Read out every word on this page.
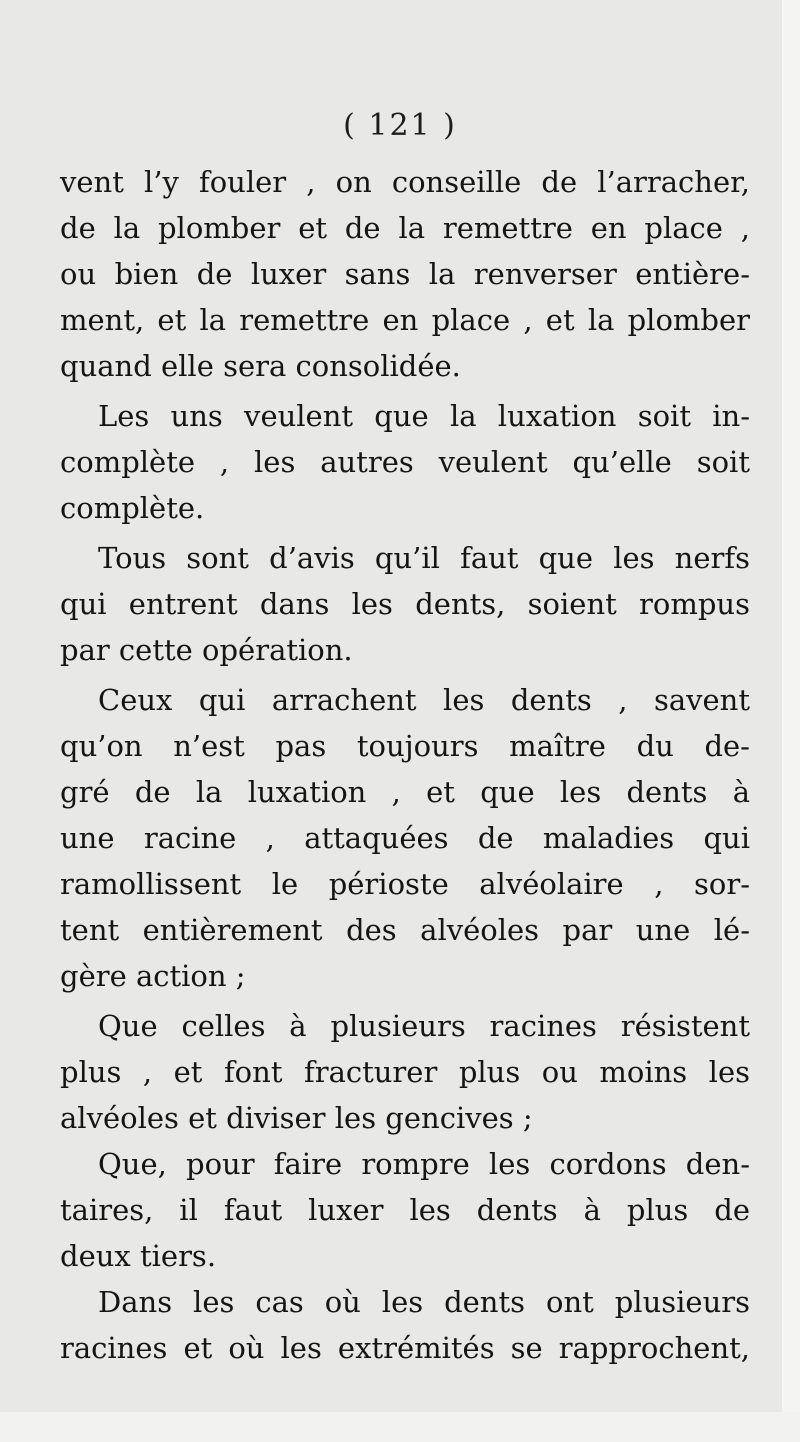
( 121 )
vent l’y fouler , on conseille de l’arracher,
de la plomber et de la remettre en place ,
ou bien de luxer sans la renverser entière-
ment, et la remettre en place , et la plomber
quand elle sera consolidée.
Les uns veulent que la luxation soit in-
complète , les autres veulent qu’elle soit
complète.
Tous sont d’avis qu’il faut que les nerfs
qui entrent dans les dents, soient rompus
par cette opération.
Ceux qui arrachent les dents , savent
qu’on n’est pas toujours maître du de-
gré de la luxation , et que les dents à
une racine , attaquées de maladies qui
ramollissent le périoste alvéolaire , sor-
tent entièrement des alvéoles par une lé-
gère action ;
Que celles à plusieurs racines résistent
plus , et font fracturer plus ou moins les
alvéoles et diviser les gencives ;
Que, pour faire rompre les cordons den-
taires, il faut luxer les dents à plus de
deux tiers.
Dans les cas où les dents ont plusieurs
racines et où les extrémités se rapprochent,
